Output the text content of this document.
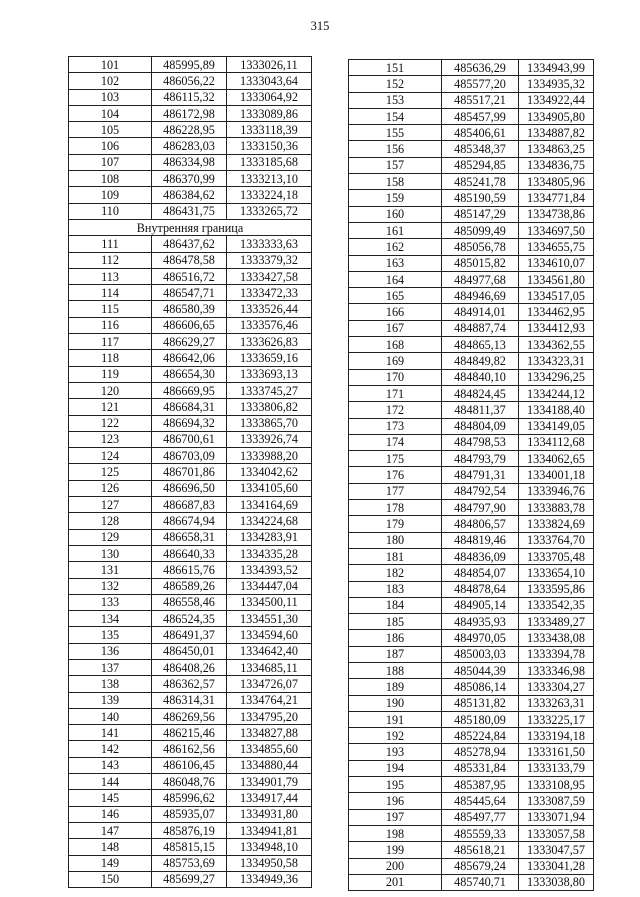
315
101	485995,89	1333026,11
102	486056,22	1333043,64
103	486115,32	1333064,92
104	486172,98	1333089,86
105	486228,95	1333118,39
106	486283,03	1333150,36
107	486334,98	1333185,68
108	486370,99	1333213,10
109	486384,62	1333224,18
110	486431,75	1333265,72
Внутренняя граница		
111	486437,62	1333333,63
112	486478,58	1333379,32
113	486516,72	1333427,58
114	486547,71	1333472,33
115	486580,39	1333526,44
116	486606,65	1333576,46
117	486629,27	1333626,83
118	486642,06	1333659,16
119	486654,30	1333693,13
120	486669,95	1333745,27
121	486684,31	1333806,82
122	486694,32	1333865,70
123	486700,61	1333926,74
124	486703,09	1333988,20
125	486701,86	1334042,62
126	486696,50	1334105,60
127	486687,83	1334164,69
128	486674,94	1334224,68
129	486658,31	1334283,91
130	486640,33	1334335,28
131	486615,76	1334393,52
132	486589,26	1334447,04
133	486558,46	1334500,11
134	486524,35	1334551,30
135	486491,37	1334594,60
136	486450,01	1334642,40
137	486408,26	1334685,11
138	486362,57	1334726,07
139	486314,31	1334764,21
140	486269,56	1334795,20
141	486215,46	1334827,88
142	486162,56	1334855,60
143	486106,45	1334880,44
144	486048,76	1334901,79
145	485996,62	1334917,44
146	485935,07	1334931,80
147	485876,19	1334941,81
148	485815,15	1334948,10
149	485753,69	1334950,58
150	485699,27	1334949,36
151	485636,29	1334943,99
152	485577,20	1334935,32
153	485517,21	1334922,44
154	485457,99	1334905,80
155	485406,61	1334887,82
156	485348,37	1334863,25
157	485294,85	1334836,75
158	485241,78	1334805,96
159	485190,59	1334771,84
160	485147,29	1334738,86
161	485099,49	1334697,50
162	485056,78	1334655,75
163	485015,82	1334610,07
164	484977,68	1334561,80
165	484946,69	1334517,05
166	484914,01	1334462,95
167	484887,74	1334412,93
168	484865,13	1334362,55
169	484849,82	1334323,31
170	484840,10	1334296,25
171	484824,45	1334244,12
172	484811,37	1334188,40
173	484804,09	1334149,05
174	484798,53	1334112,68
175	484793,79	1334062,65
176	484791,31	1334001,18
177	484792,54	1333946,76
178	484797,90	1333883,78
179	484806,57	1333824,69
180	484819,46	1333764,70
181	484836,09	1333705,48
182	484854,07	1333654,10
183	484878,64	1333595,86
184	484905,14	1333542,35
185	484935,93	1333489,27
186	484970,05	1333438,08
187	485003,03	1333394,78
188	485044,39	1333346,98
189	485086,14	1333304,27
190	485131,82	1333263,31
191	485180,09	1333225,17
192	485224,84	1333194,18
193	485278,94	1333161,50
194	485331,84	1333133,79
195	485387,95	1333108,95
196	485445,64	1333087,59
197	485497,77	1333071,94
198	485559,33	1333057,58
199	485618,21	1333047,57
200	485679,24	1333041,28
201	485740,71	1333038,80
